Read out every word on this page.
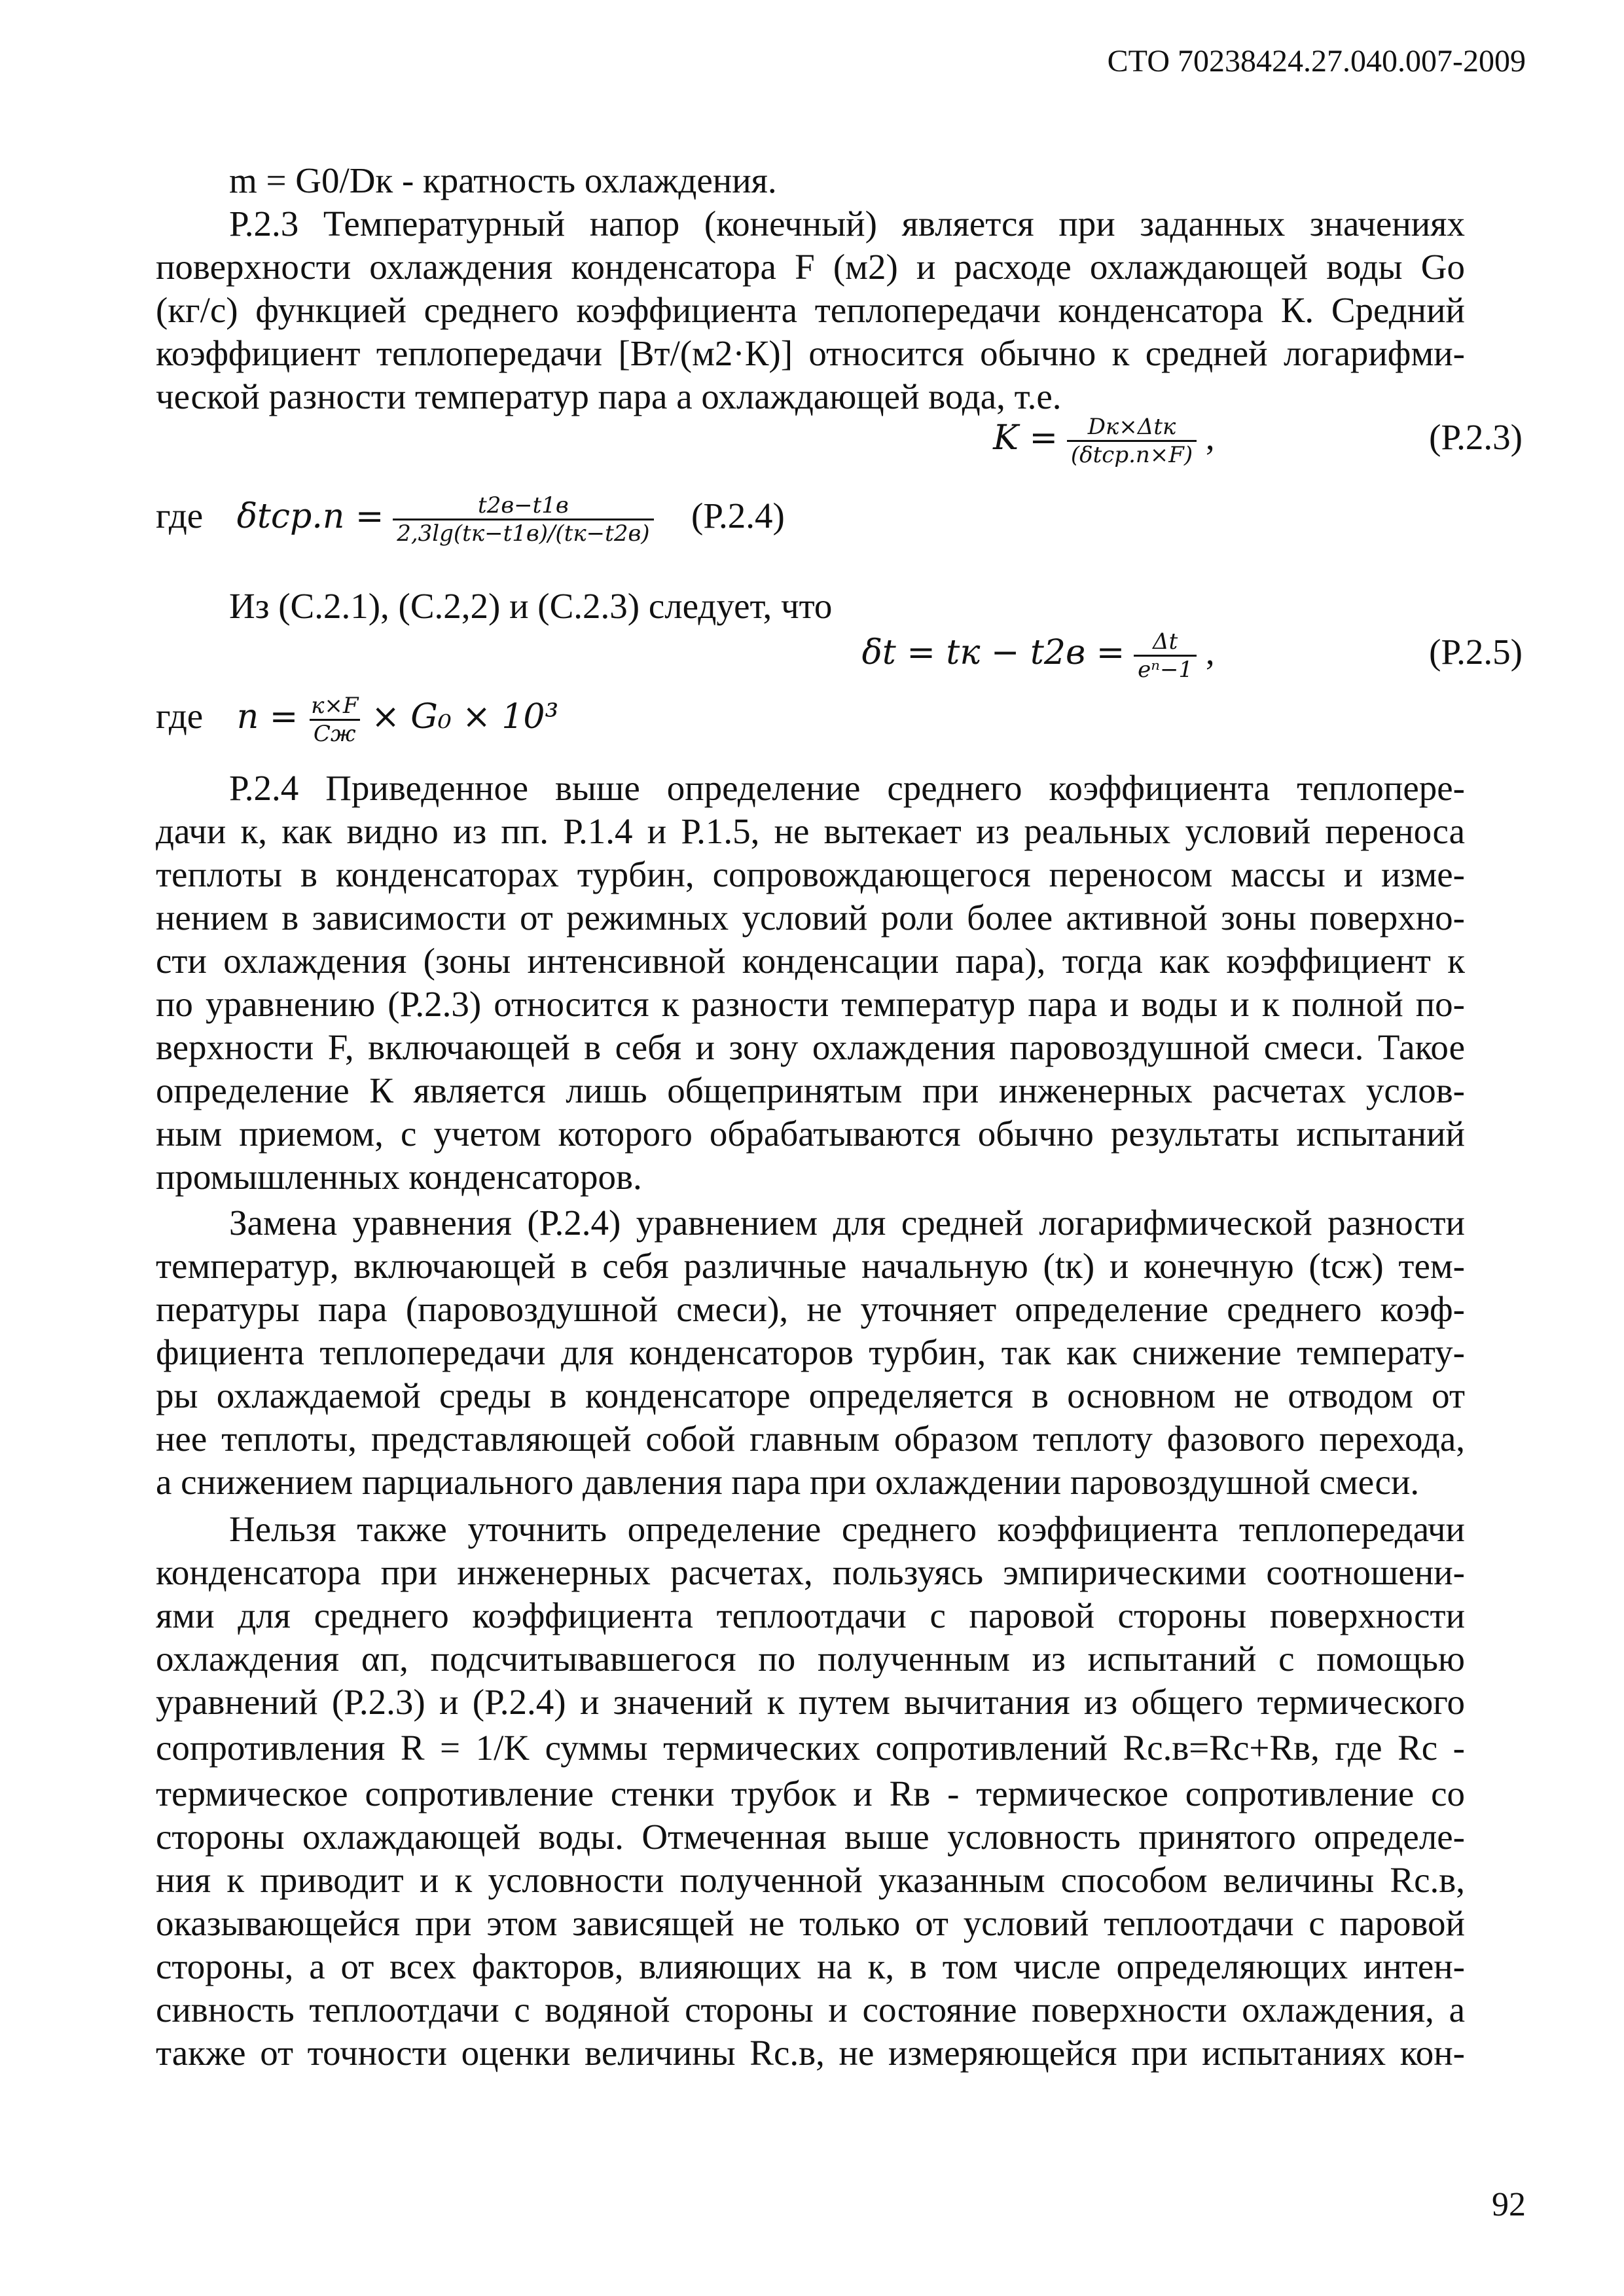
СТО 70238424.27.040.007-2009
m = G0/Dк - кратность охлаждения.
Р.2.3 Температурный напор (конечный) является при заданных значениях
поверхности охлаждения конденсатора F (м2) и расходе охлаждающей воды Gо
(кг/с) функцией среднего коэффициента теплопередачи конденсатора К. Средний
коэффициент теплопередачи [Вт/(м2·К)] относится обычно к средней логарифми-
ческой разности температур пара а охлаждающей вода, т.е.
$K = \frac{\text{Dк×Δtк}}{\text{(δtср.п×F)}}$ ,	(Р.2.3)
где $\delta tср.п = \frac{t2в-t1в}{2,3\lg(tк-t1в)/(tк-t2в)} (Р.2.4)$
Из (С.2.1), (С.2,2) и (С.2.3) следует, что
δt = tк − $t2в = \frac{\Delta t}{\text{eⁿ−1}}$ ,	(Р.2.5)
где $n = \frac{к\times F}{Cж} \times G_0 \times 10^3$
Р.2.4 Приведенное выше определение среднего коэффициента теплопере-
дачи к, как видно из пп. Р.1.4 и Р.1.5, не вытекает из реальных условий переноса
теплоты в конденсаторах турбин, сопровождающегося переносом массы и изме-
нением в зависимости от режимных условий роли более активной зоны поверхно-
сти охлаждения (зоны интенсивной конденсации пара), тогда как коэффициент к
по уравнению (Р.2.3) относится к разности температур пара и воды и к полной по-
верхности F, включающей в себя и зону охлаждения паровоздушной смеси. Такое
определение К является лишь общепринятым при инженерных расчетах услов-
ным приемом, с учетом которого обрабатываются обычно результаты испытаний
промышленных конденсаторов.
Замена уравнения (Р.2.4) уравнением для средней логарифмической разности
температур, включающей в себя различные начальную (tк) и конечную (tсж) тем-
пературы пара (паровоздушной смеси), не уточняет определение среднего коэф-
фициента теплопередачи для конденсаторов турбин, так как снижение температу-
ры охлаждаемой среды в конденсаторе определяется в основном не отводом от
нее теплоты, представляющей собой главным образом теплоту фазового перехода,
а снижением парциального давления пара при охлаждении паровоздушной смеси.
Нельзя также уточнить определение среднего коэффициента теплопередачи
конденсатора при инженерных расчетах, пользуясь эмпирическими соотношени-
ями для среднего коэффициента теплоотдачи с паровой стороны поверхности
охлаждения αп, подсчитывавшегося по полученным из испытаний с помощью
уравнений (Р.2.3) и (Р.2.4) и значений к путем вычитания из общего термического
сопротивления R = 1/K суммы термических сопротивлений Rс.в=Rс+Rв, где Rс -
термическое сопротивление стенки трубок и Rв - термическое сопротивление со
стороны охлаждающей воды. Отмеченная выше условность принятого определе-
ния к приводит и к условности полученной указанным способом величины Rс.в,
оказывающейся при этом зависящей не только от условий теплоотдачи с паровой
стороны, а от всех факторов, влияющих на к, в том числе определяющих интен-
сивность теплоотдачи с водяной стороны и состояние поверхности охлаждения, а
также от точности оценки величины Rс.в, не измеряющейся при испытаниях кон-
92
